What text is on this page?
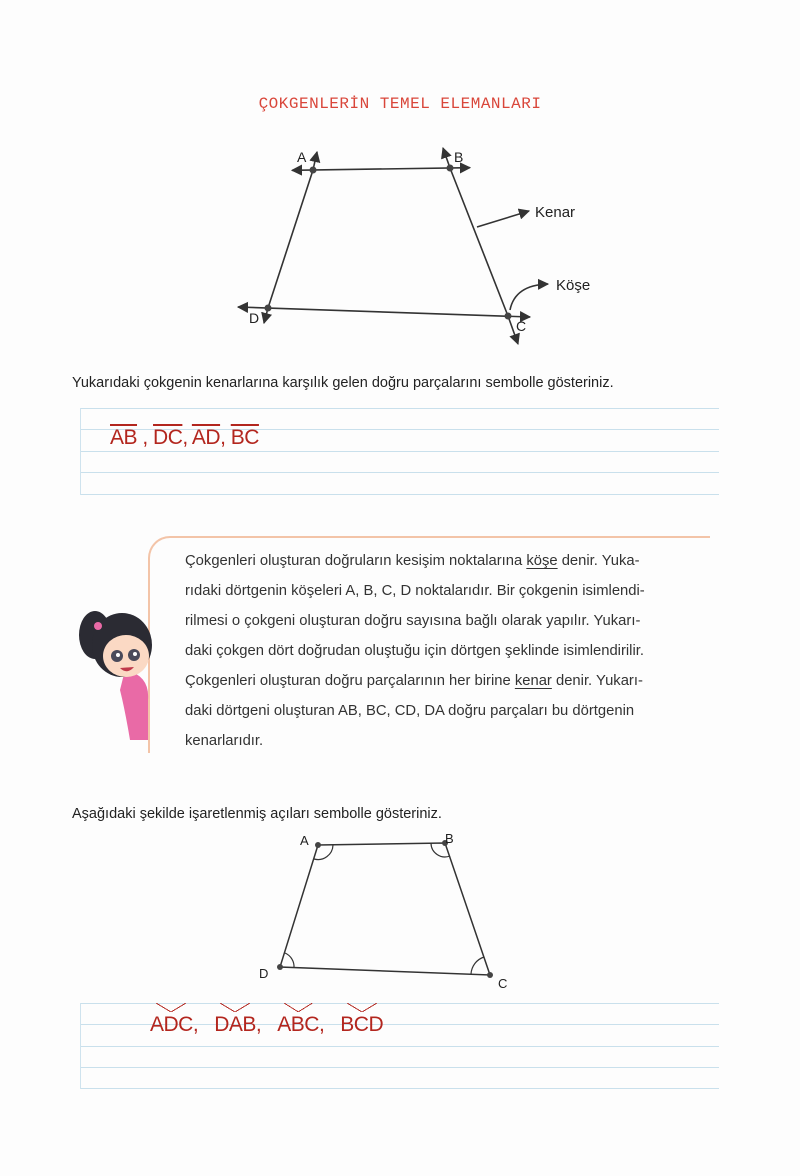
ÇOKGENLERİN TEMEL ELEMANLARI
A	B
C
D
Kenar
Köşe
Yukarıdaki çokgenin kenarlarına karşılık gelen doğru parçalarını sembolle gösteriniz.
$\overline{AB}$ , $\overline{DC}$, $\overline{AD}$, $\overline{BC}$
Çokgenleri oluşturan doğruların kesişim noktalarına köşe denir. Yuka-
rıdaki dörtgenin köşeleri A, B, C, D noktalarıdır. Bir çokgenin isimlendi-
rilmesi o çokgeni oluşturan doğru sayısına bağlı olarak yapılır. Yukarı-
daki çokgen dört doğrudan oluştuğu için dörtgen şeklinde isimlendirilir.
Çokgenleri oluşturan doğru parçalarının her birine kenar denir. Yukarı-
daki dörtgeni oluşturan AB, BC, CD, DA doğru parçaları bu dörtgenin
kenarlarıdır.
Aşağıdaki şekilde işaretlenmiş açıları sembolle gösteriniz.
A	B
C
D
ADC, DAB, ABC, BCD
